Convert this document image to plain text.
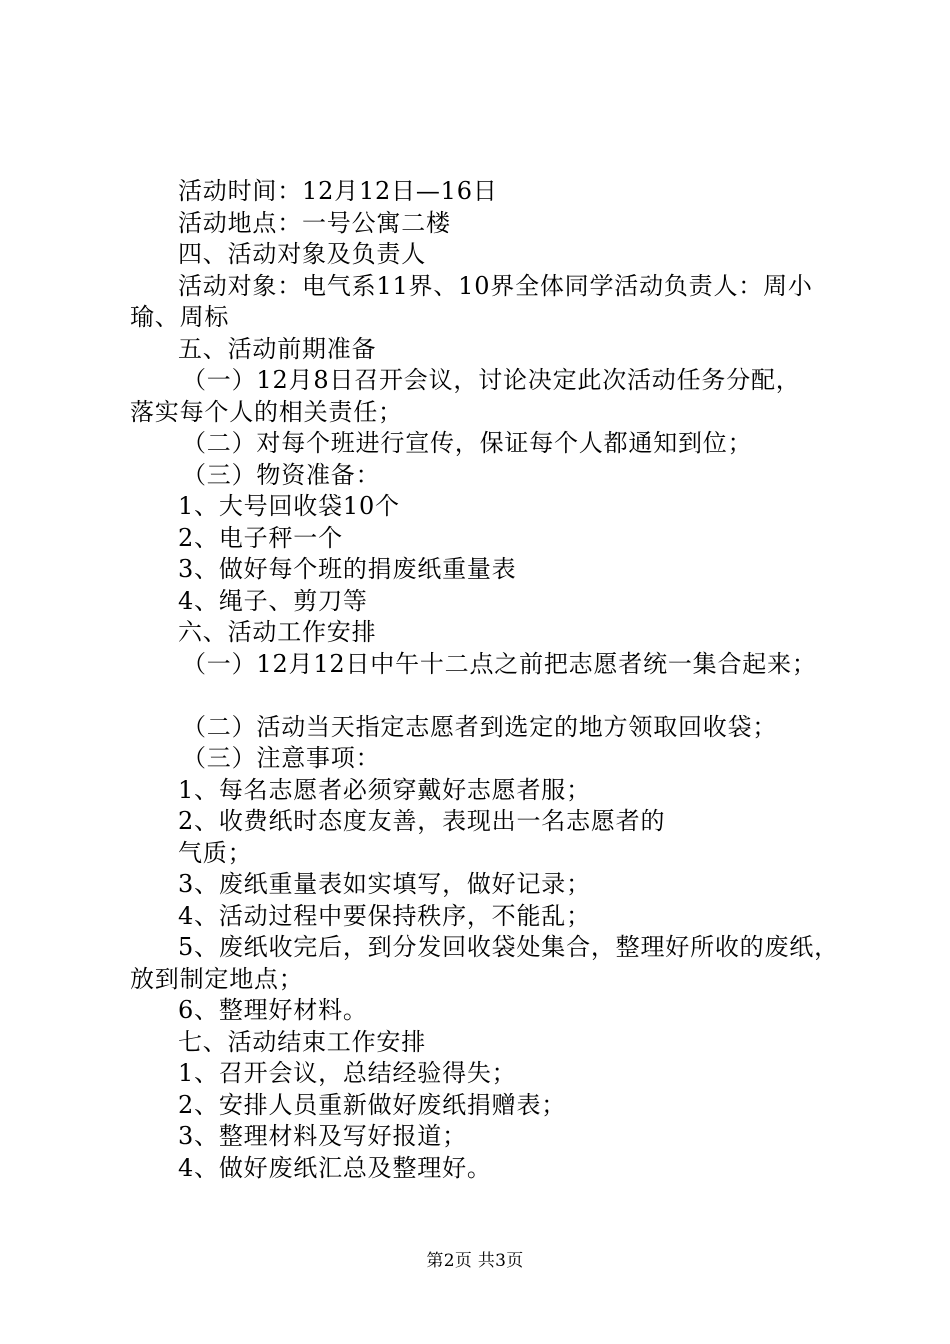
活动时间：12月12日—16日
活动地点：一号公寓二楼
四、活动对象及负责人
活动对象：电气系11界、10界全体同学活动负责人：周小
瑜、周标
五、活动前期准备
（一）12月8日召开会议，讨论决定此次活动任务分配，
落实每个人的相关责任；
（二）对每个班进行宣传，保证每个人都通知到位；
（三）物资准备：
1、大号回收袋10个
2、电子秤一个
3、做好每个班的捐废纸重量表
4、绳子、剪刀等
六、活动工作安排
（一）12月12日中午十二点之前把志愿者统一集合起来；
（二）活动当天指定志愿者到选定的地方领取回收袋；
（三）注意事项：
1、每名志愿者必须穿戴好志愿者服；
2、收费纸时态度友善，表现出一名志愿者的
气质；
3、废纸重量表如实填写，做好记录；
4、活动过程中要保持秩序，不能乱；
5、废纸收完后，到分发回收袋处集合，整理好所收的废纸，
放到制定地点；
6、整理好材料。
七、活动结束工作安排
1、召开会议，总结经验得失；
2、安排人员重新做好废纸捐赠表；
3、整理材料及写好报道；
4、做好废纸汇总及整理好。
第2页 共3页
